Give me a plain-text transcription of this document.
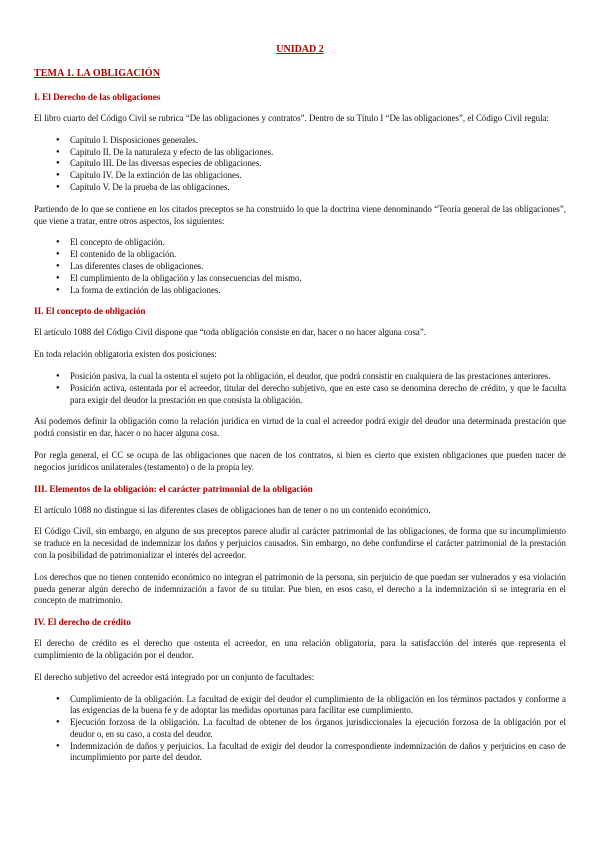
UNIDAD 2
TEMA 1. LA OBLIGACIÓN
I. El Derecho de las obligaciones

El libro cuarto del Código Civil se rubrica “De las obligaciones y contratos”. Dentro de su Título I “De las obligaciones”, el Código Civil regula:

● Capítulo I. Disposiciones generales.
● Capítulo II. De la naturaleza y efecto de las obligaciones.
● Capítulo III. De las diversas especies de obligaciones.
● Capítulo IV. De la extinción de las obligaciones.
● Capítulo V. De la prueba de las obligaciones.

Partiendo de lo que se contiene en los citados preceptos se ha construido lo que la doctrina viene denominando “Teoría general de las obligaciones”, que viene a tratar, entre otros aspectos, los siguientes:

● El concepto de obligación.
● El contenido de la obligación.
● Las diferentes clases de obligaciones.
● El cumplimiento de la obligación y las consecuencias del mismo.
● La forma de extinción de las obligaciones.
II. El concepto de obligación

El artículo 1088 del Código Civil dispone que “toda obligación consiste en dar, hacer o no hacer alguna cosa”.

En toda relación obligatoria existen dos posiciones:

● Posición pasiva, la cual la ostenta el sujeto pot la obligación, el deudor, que podrá consistir en cualquiera de las prestaciones anteriores.
● Posición activa, ostentada por el acreedor, titular del derecho subjetivo, que en este caso se denomina derecho de crédito, y que le faculta para exigir del deudor la prestación en que consista la obligación.

Así podemos definir la obligación como la relación jurídica en virtud de la cual el acreedor podrá exigir del deudor una determinada prestación que podrá consistir en dar, hacer o no hacer alguna cosa.

Por regla general, el CC se ocupa de las obligaciones que nacen de los contratos, si bien es cierto que existen obligaciones que pueden nacer de negocios jurídicos unilaterales (testamento) o de la propia ley.

III. Elementos de la obligación: el carácter patrimonial de la obligación

El artículo 1088 no distingue si las diferentes clases de obligaciones han de tener o no un contenido económico.

El Código Civil, sin embargo, en alguno de sus preceptos parece aludir al carácter patrimonial de las obligaciones, de forma que su incumplimiento se traduce en la necesidad de indemnizar los daños y perjuicios causados. Sin embargo, no debe confundirse el carácter patrimonial de la prestación con la posibilidad de patrimonializar el interés del acreedor.

Los derechos que no tienen contenido económico no integran el patrimonio de la persona, sin perjuicio de que puedan ser vulnerados y esa violación pueda generar algún derecho de indemnización a favor de su titular. Pue bien, en esos caso, el derecho a la indemnización sí se integraría en el concepto de matrimonio.

IV. El derecho de crédito

El derecho de crédito es el derecho que ostenta el acreedor, en una relación obligatoria, para la satisfacción del interés que representa el cumplimiento de la obligación por el deudor.

El derecho subjetivo del acreedor está integrado por un conjunto de facultades:

● Cumplimiento de la obligación. La facultad de exigir del deudor el cumplimiento de la obligación en los términos pactados y conforme a las exigencias de la buena fe y de adoptar las medidas oportunas para facilitar ese cumplimiento.
● Ejecución forzosa de la obligación. La facultad de obtener de los órganos jurisdiccionales la ejecución forzosa de la obligación por el deudor o, en su caso, a costa del deudor.
● Indemnización de daños y perjuicios. La facultad de exigir del deudor la correspondiente indemnización de daños y perjuicios en caso de incumplimiento por parte del deudor.
